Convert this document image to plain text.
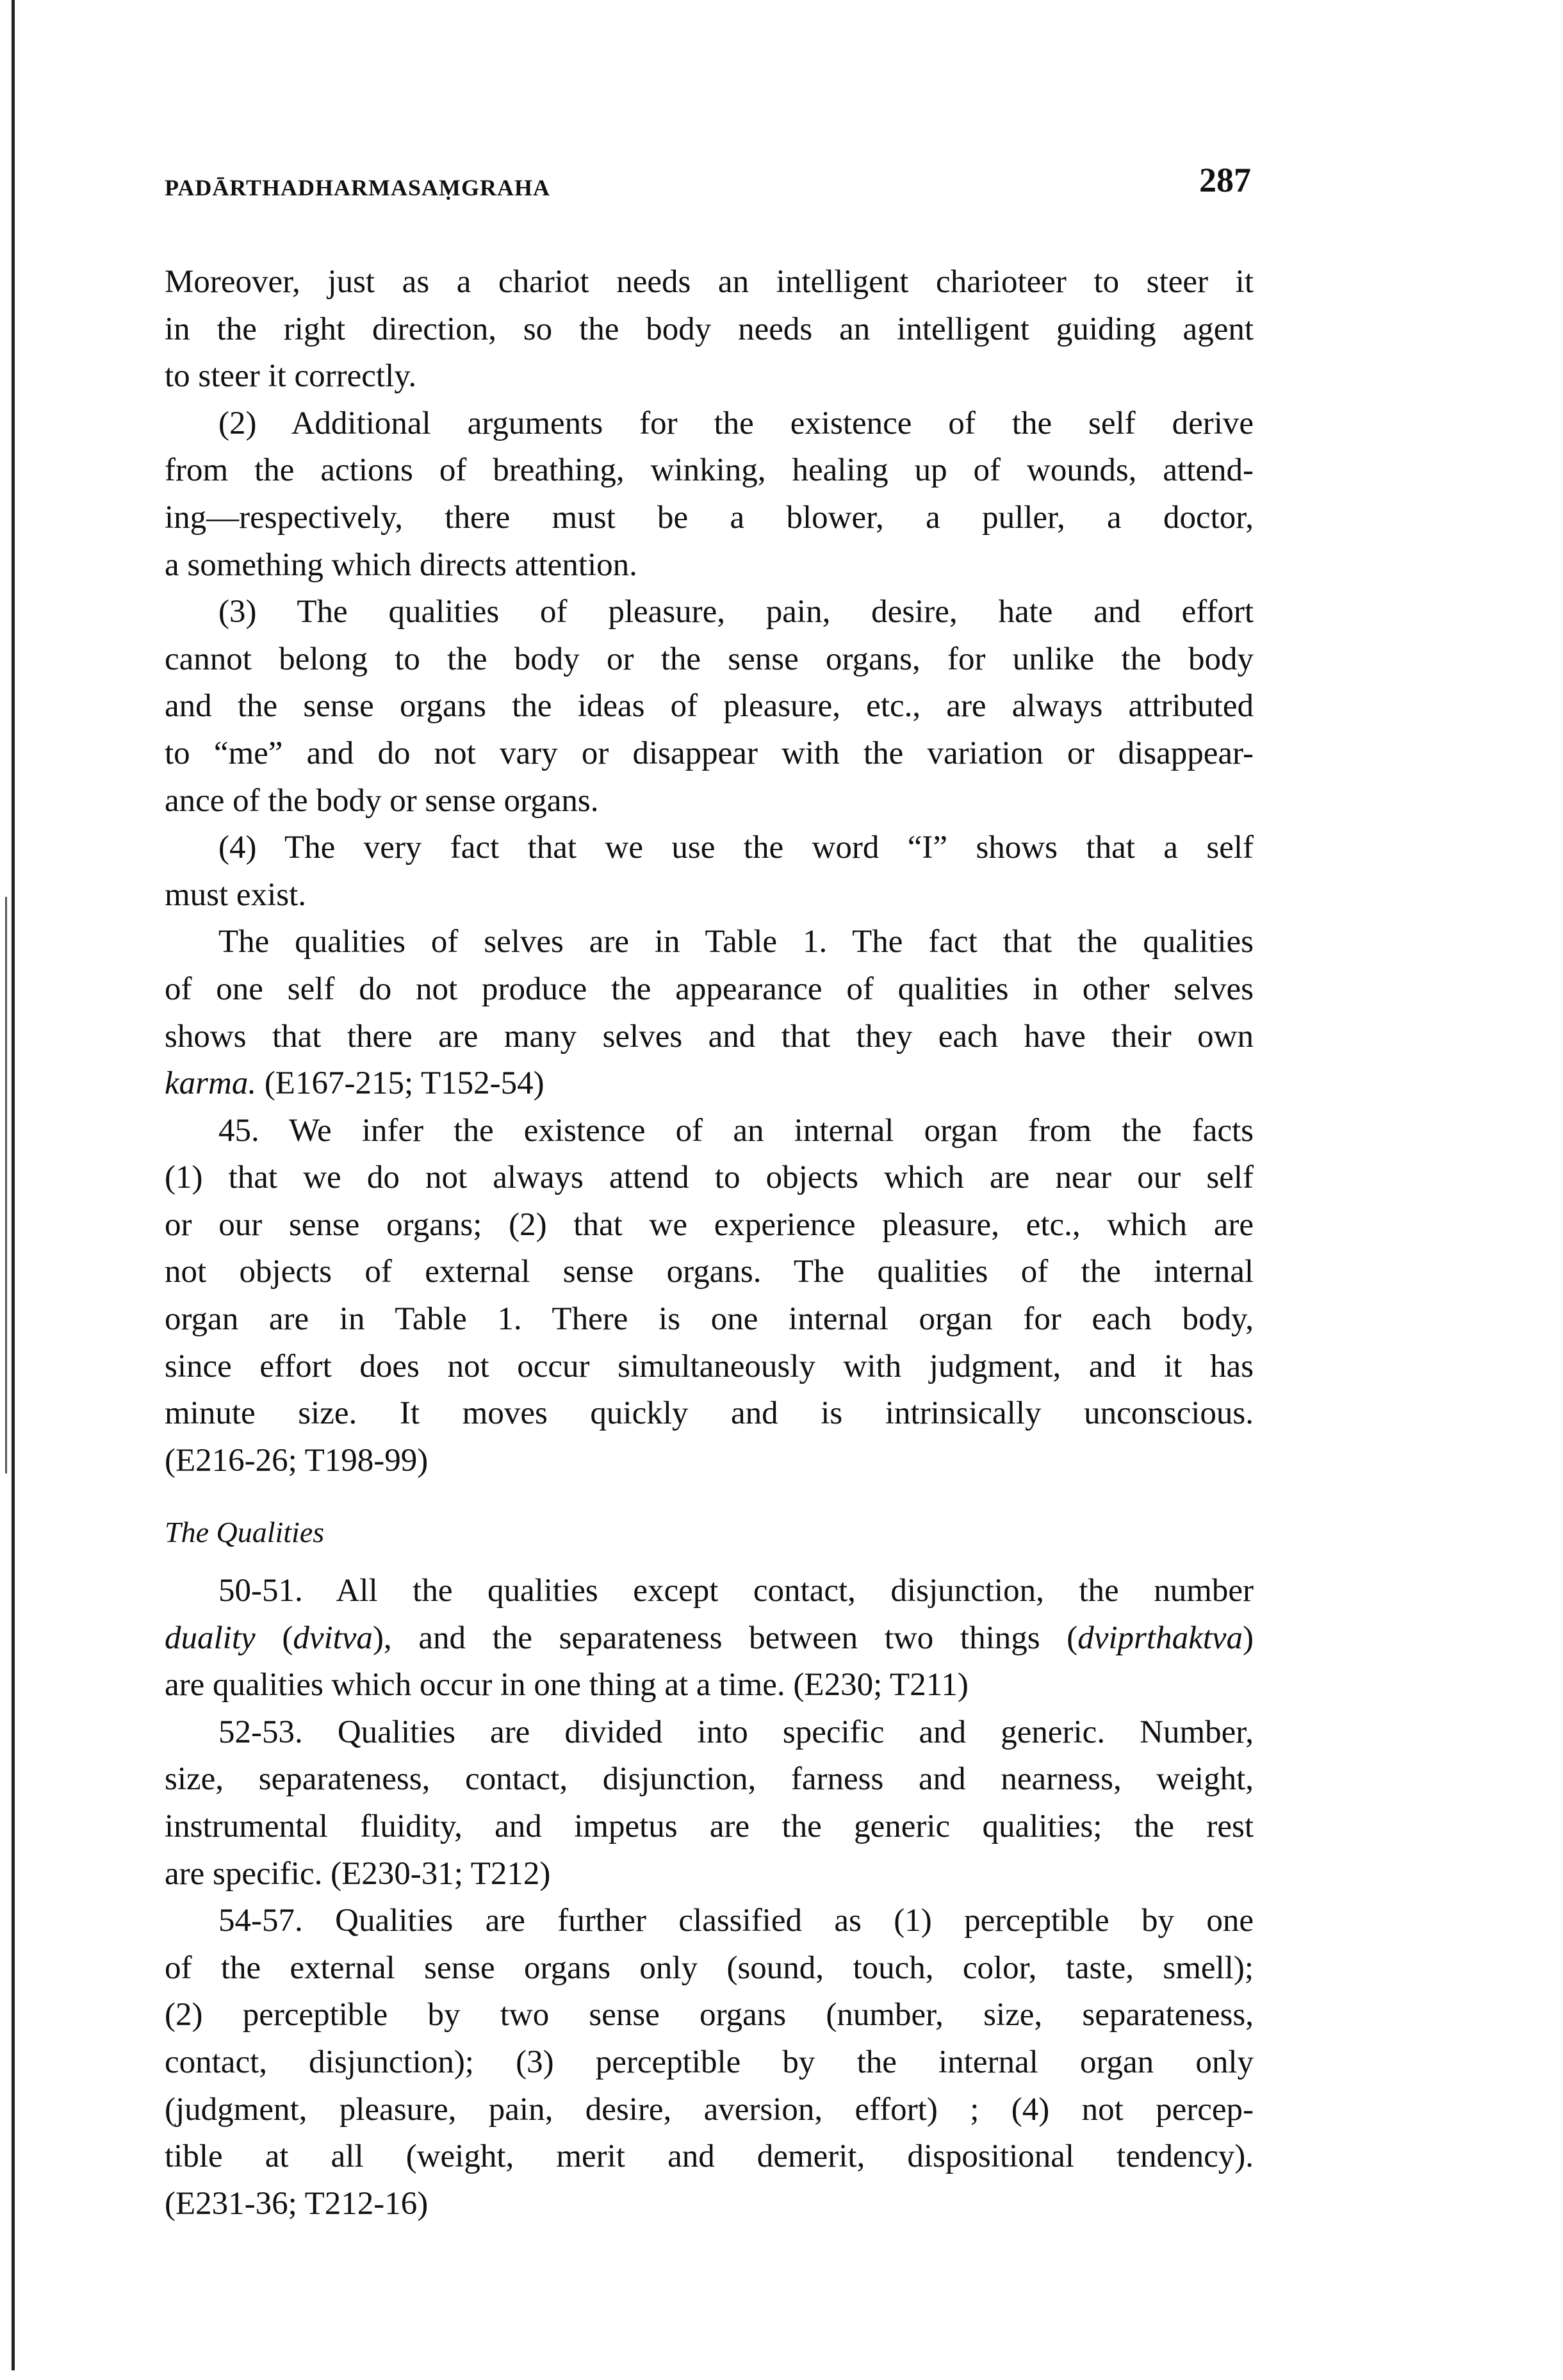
PADĀRTHADHARMASAṂGRAHA	287
Moreover, just as a chariot needs an intelligent charioteer to steer it
in the right direction, so the body needs an intelligent guiding agent
to steer it correctly.
(2) Additional arguments for the existence of the self derive
from the actions of breathing, winking, healing up of wounds, attend-
ing—respectively, there must be a blower, a puller, a doctor,
a something which directs attention.
(3) The qualities of pleasure, pain, desire, hate and effort
cannot belong to the body or the sense organs, for unlike the body
and the sense organs the ideas of pleasure, etc., are always attributed
to “me” and do not vary or disappear with the variation or disappear-
ance of the body or sense organs.
(4) The very fact that we use the word “I” shows that a self
must exist.
The qualities of selves are in Table 1. The fact that the qualities
of one self do not produce the appearance of qualities in other selves
shows that there are many selves and that they each have their own
karma. (E167-215; T152-54)
45. We infer the existence of an internal organ from the facts
(1) that we do not always attend to objects which are near our self
or our sense organs; (2) that we experience pleasure, etc., which are
not objects of external sense organs. The qualities of the internal
organ are in Table 1. There is one internal organ for each body,
since effort does not occur simultaneously with judgment, and it has
minute size. It moves quickly and is intrinsically unconscious.
(E216-26; T198-99)
The Qualities
50-51. All the qualities except contact, disjunction, the number
duality (dvitva), and the separateness between two things (dviprthaktva)
are qualities which occur in one thing at a time. (E230; T211)
52-53. Qualities are divided into specific and generic. Number,
size, separateness, contact, disjunction, farness and nearness, weight,
instrumental fluidity, and impetus are the generic qualities; the rest
are specific. (E230-31; T212)
54-57. Qualities are further classified as (1) perceptible by one
of the external sense organs only (sound, touch, color, taste, smell);
(2) perceptible by two sense organs (number, size, separateness,
contact, disjunction); (3) perceptible by the internal organ only
(judgment, pleasure, pain, desire, aversion, effort) ; (4) not percep-
tible at all (weight, merit and demerit, dispositional tendency).
(E231-36; T212-16)
